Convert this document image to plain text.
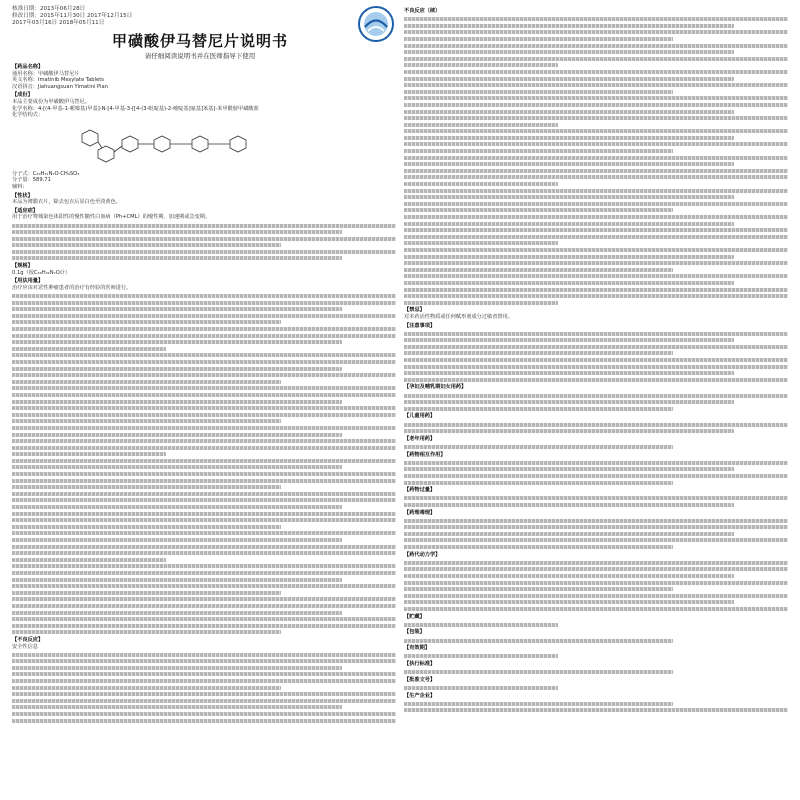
核准日期：2013年06月28日
修改日期：2015年11月30日 2017年12月15日
2017年03月16日 2018年05月11日
甲磺酸伊马替尼片说明书
请仔细阅读说明书并在医师指导下使用
【药品名称】
通用名称：甲磺酸伊马替尼片
英文名称：Imatinib Mesylate Tablets
汉语拼音：Jiahuangsuan Yimatini Pian
【成份】
本品主要成份为甲磺酸伊马替尼。
化学名称：4-[(4-甲基-1-哌嗪基)甲基]-N-[4-甲基-3-[[4-(3-吡啶基)-2-嘧啶基]氨基]苯基]-苯甲酰胺甲磺酸盐
化学结构式：
分子式：C₂₉H₃₁N₇O·CH₄SO₃
分子量：589.71
辅料：
【性状】
本品为薄膜衣片，除去包衣后显白色至淡黄色。
【适应症】
用于治疗费城染色体阳性的慢性髓性白血病（Ph+CML）的慢性期、加速期或急变期。
【规格】
0.1g（按C₂₉H₃₁N₇O计）
【用法用量】
治疗应由对恶性肿瘤患者的治疗有经验的医师进行。
【不良反应】
安全性信息
不良反应（续）
【禁忌】
对本药活性物质或任何赋形剂成分过敏者禁用。
【注意事项】
【孕妇及哺乳期妇女用药】
【儿童用药】
【老年用药】
【药物相互作用】
【药物过量】
【药理毒理】
【药代动力学】
【贮藏】
【包装】
【有效期】
【执行标准】
【批准文号】
【生产企业】
